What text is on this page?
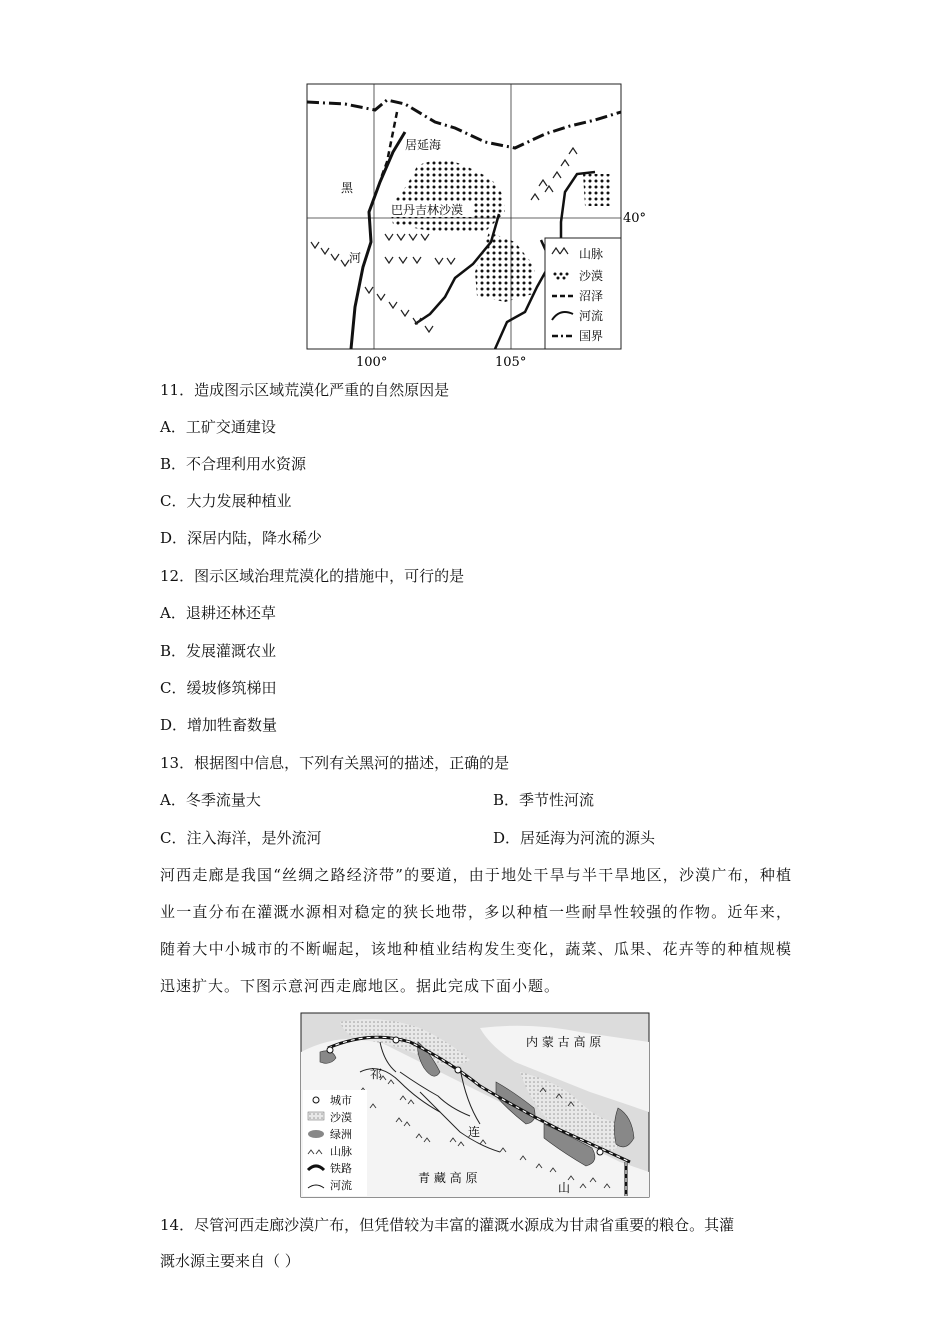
巴丹吉林沙漠
居延海
黑
河
40°
100°	105°
山脉
沙漠
沼泽
河流
国界
11．造成图示区域荒漠化严重的自然原因是
A．工矿交通建设
B．不合理利用水资源
C．大力发展种植业
D．深居内陆，降水稀少
12．图示区域治理荒漠化的措施中，可行的是
A．退耕还林还草
B．发展灌溉农业
C．缓坡修筑梯田
D．增加牲畜数量
13．根据图中信息，下列有关黑河的描述，正确的是
A．冬季流量大	B．季节性河流
C．注入海洋，是外流河	D．居延海为河流的源头
河西走廊是我国“丝绸之路经济带”的要道，由于地处干旱与半干旱地区，沙漠广布，种植业一直分布在灌溉水源相对稳定的狭长地带，多以种植一些耐旱性较强的作物。近年来，随着大中小城市的不断崛起，该地种植业结构发生变化，蔬菜、瓜果、花卉等的种植规模迅速扩大。下图示意河西走廊地区。据此完成下面小题。
内 蒙 古 高 原
青 藏 高 原
祁
连
山
城市
沙漠
绿洲
山脉
铁路
河流
14．尽管河西走廊沙漠广布，但凭借较为丰富的灌溉水源成为甘肃省重要的粮仓。其灌
溉水源主要来自（ ）
